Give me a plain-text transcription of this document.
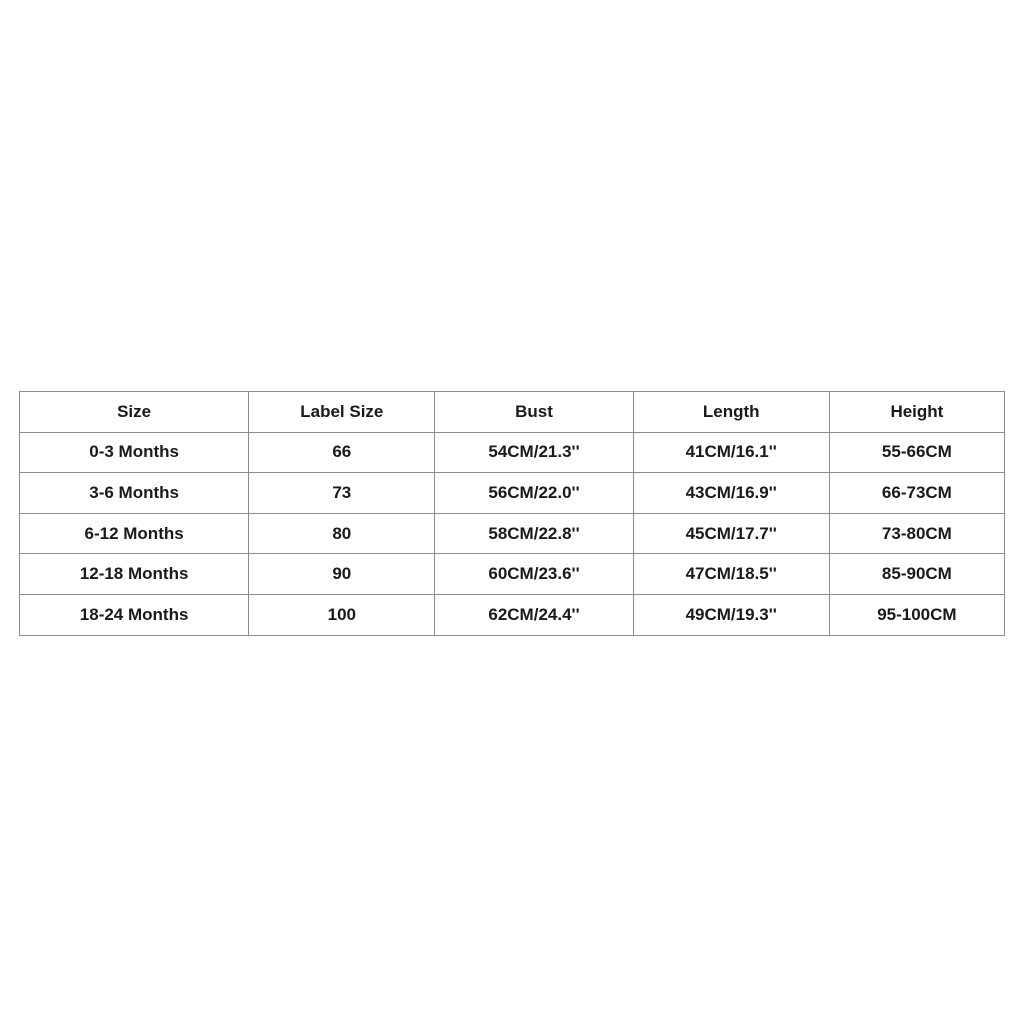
Size	Label Size	Bust	Length	Height
0-3 Months	66	54CM/21.3''	41CM/16.1''	55-66CM
3-6 Months	73	56CM/22.0''	43CM/16.9''	66-73CM
6-12 Months	80	58CM/22.8''	45CM/17.7''	73-80CM
12-18 Months	90	60CM/23.6''	47CM/18.5''	85-90CM
18-24 Months	100	62CM/24.4''	49CM/19.3''	95-100CM
